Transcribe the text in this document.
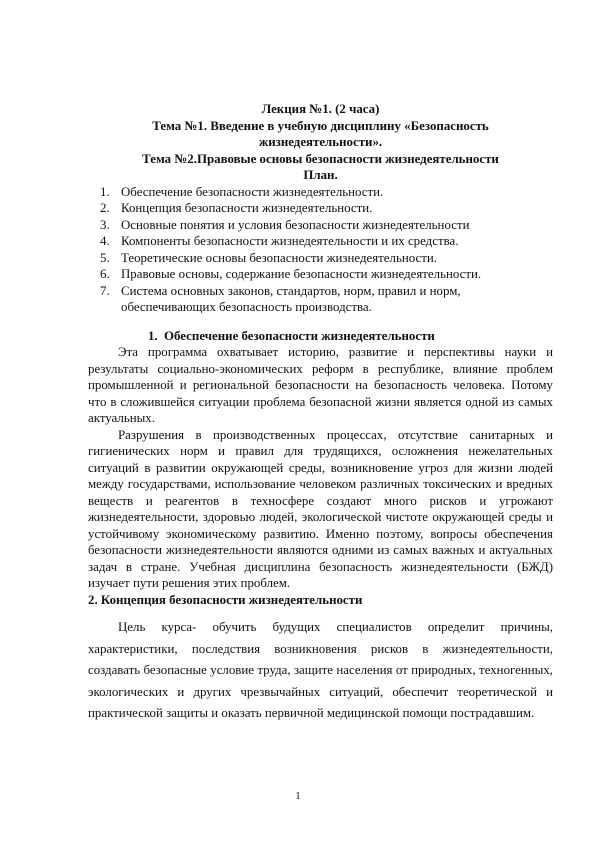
Лекция №1. (2 часа)

Тема №1. Введение в учебную дисциплину «Безопасность жизнедеятельности».

Тема №2.Правовые основы безопасности жизнедеятельности

План.

1. Обеспечение безопасности жизнедеятельности.
2. Концепция безопасности жизнедеятельности.
3. Основные понятия и условия безопасности жизнедеятельности
4. Компоненты безопасности жизнедеятельности и их средства.
5. Теоретические основы безопасности жизнедеятельности.
6. Правовые основы, содержание безопасности жизнедеятельности.
7. Система основных законов, стандартов, норм, правил и норм, обеспечивающих безопасность производства.

1. Обеспечение безопасности жизнедеятельности

Эта программа охватывает историю, развитие и перспективы науки и результаты социально-экономических реформ в республике, влияние проблем промышленной и региональной безопасности на безопасность человека. Потому что в сложившейся ситуации проблема безопасной жизни является одной из самых актуальных.

Разрушения в производственных процессах, отсутствие санитарных и гигиенических норм и правил для трудящихся, осложнения нежелательных ситуаций в развитии окружающей среды, возникновение угроз для жизни людей между государствами, использование человеком различных токсических и вредных веществ и реагентов в техносфере создают много рисков и угрожают жизнедеятельности, здоровью людей, экологической чистоте окружающей среды и устойчивому экономическому развитию. Именно поэтому, вопросы обеспечения безопасности жизнедеятельности являются одними из самых важных и актуальных задач в стране. Учебная дисциплина безопасность жизнедеятельности (БЖД) изучает пути решения этих проблем.

2. Концепция безопасности жизнедеятельности

Цель курса- обучить будущих специалистов определит причины, характеристики, последствия возникновения рисков в жизнедеятельности, создавать безопасные условие труда, защите населения от природных, техногенных, экологических и других чрезвычайных ситуаций, обеспечит теоретической и практической защиты и оказать первичной медицинской помощи пострадавшим.

1
